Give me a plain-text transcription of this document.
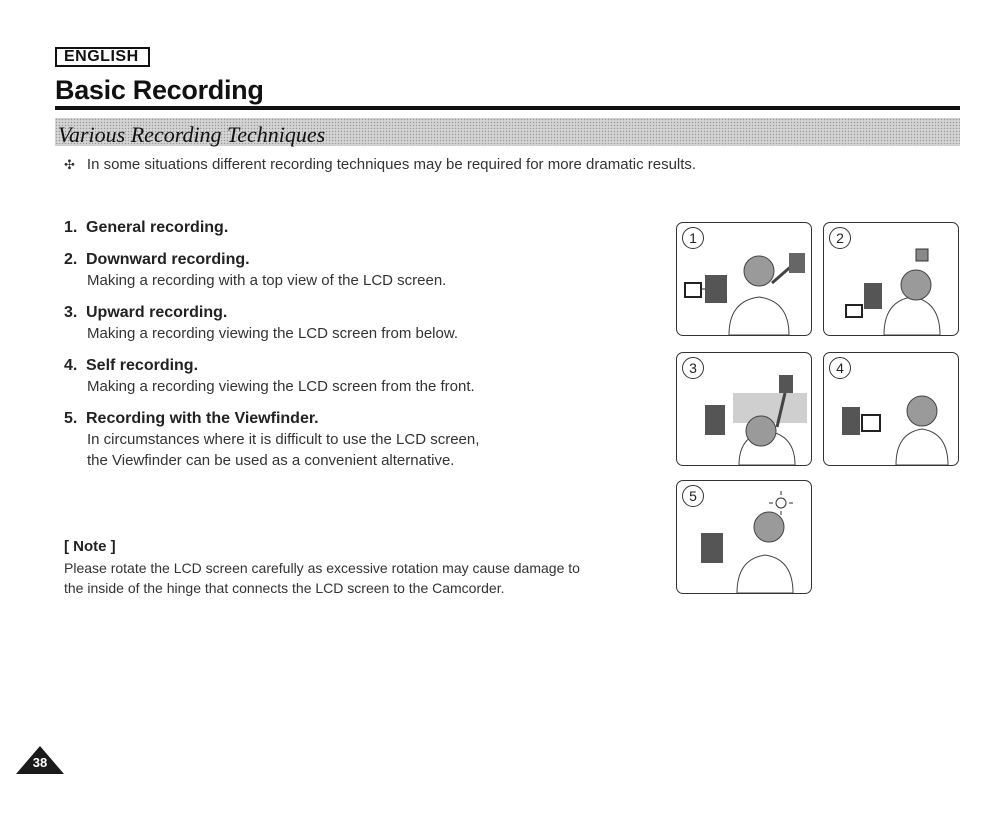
ENGLISH
Basic Recording
Various Recording Techniques
✣ In some situations different recording techniques may be required for more dramatic results.
1. General recording.
2. Downward recording.
Making a recording with a top view of the LCD screen.
3. Upward recording.
Making a recording viewing the LCD screen from below.
4. Self recording.
Making a recording viewing the LCD screen from the front.
5. Recording with the Viewfinder.
In circumstances where it is difficult to use the LCD screen,
the Viewfinder can be used as a convenient alternative.
[ Note ]
Please rotate the LCD screen carefully as excessive rotation may cause damage to
the inside of the hinge that connects the LCD screen to the Camcorder.
1	2
3	4
5
38
